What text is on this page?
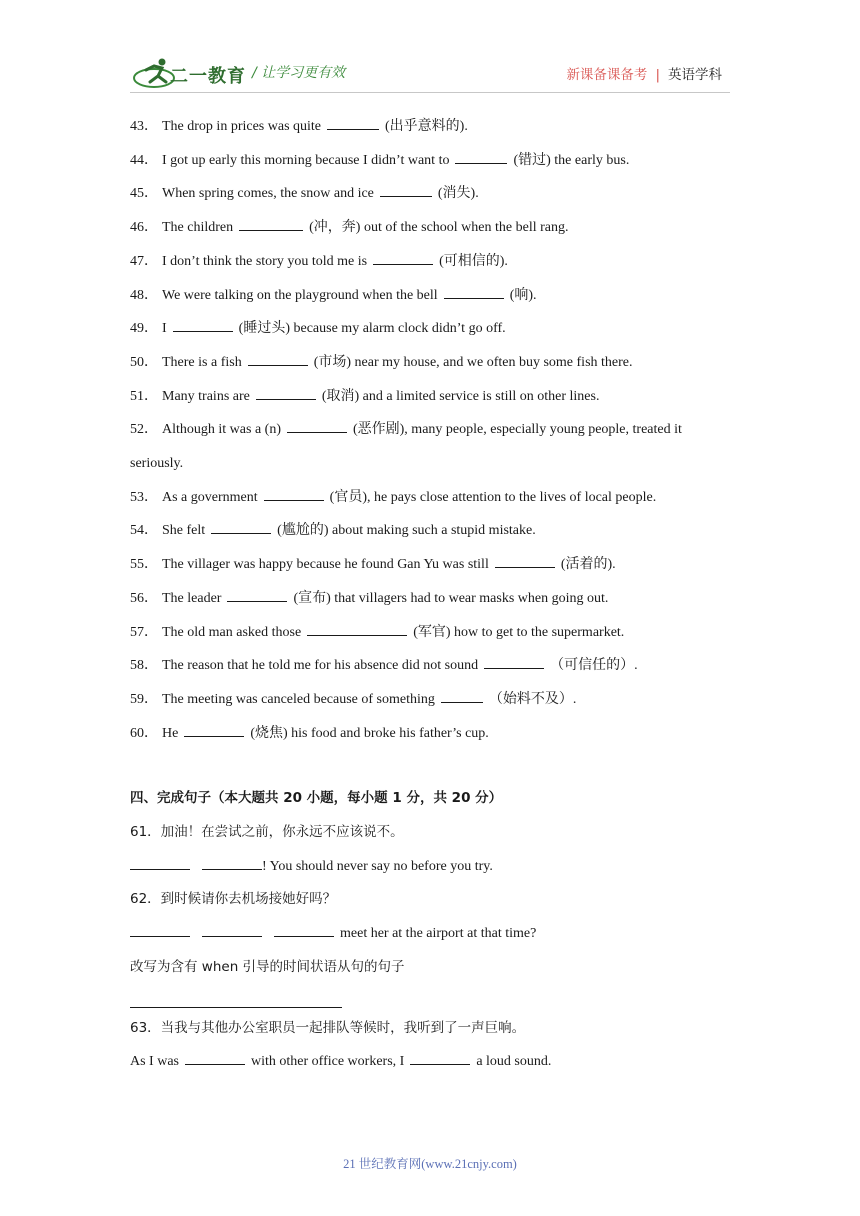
二一教育 / 让学习更有效	新课备课备考 | 英语学科
43． The drop in prices was quite	(出乎意料的).
44． I got up early this morning because I didn’t want to	(错过) the early bus.
45． When spring comes, the snow and ice	(消失).
46． The children	(冲，奔) out of the school when the bell rang.
47． I don’t think the story you told me is	(可相信的).
48． We were talking on the playground when the bell	(响).
49． I	(睡过头) because my alarm clock didn’t go off.
50． There is a fish	(市场) near my house, and we often buy some fish there.
51． Many trains are	(取消) and a limited service is still on other lines.
52． Although it was a (n)	(恶作剧), many people, especially young people, treated it seriously.
53． As a government	(官员), he pays close attention to the lives of local people.
54． She felt	(尴尬的) about making such a stupid mistake.
55． The villager was happy because he found Gan Yu was still	(活着的).
56． The leader	(宣布) that villagers had to wear masks when going out.
57． The old man asked those	(军官) how to get to the supermarket.
58． The reason that he told me for his absence did not sound	（可信任的）.
59． The meeting was canceled because of something	（始料不及）.
60． He	(烧焦) his food and broke his father’s cup.
四、完成句子（本大题共 20 小题，每小题 1 分，共 20 分）
61．加油！在尝试之前，你永远不应该说不。
! You should never say no before you try.
62．到时候请你去机场接她好吗？
meet her at the airport at that time?
改写为含有 when 引导的时间状语从句的句子
63．当我与其他办公室职员一起排队等候时，我听到了一声巨响。
As I was	with other office workers, I	a loud sound.
21 世纪教育网(www.21cnjy.com)
